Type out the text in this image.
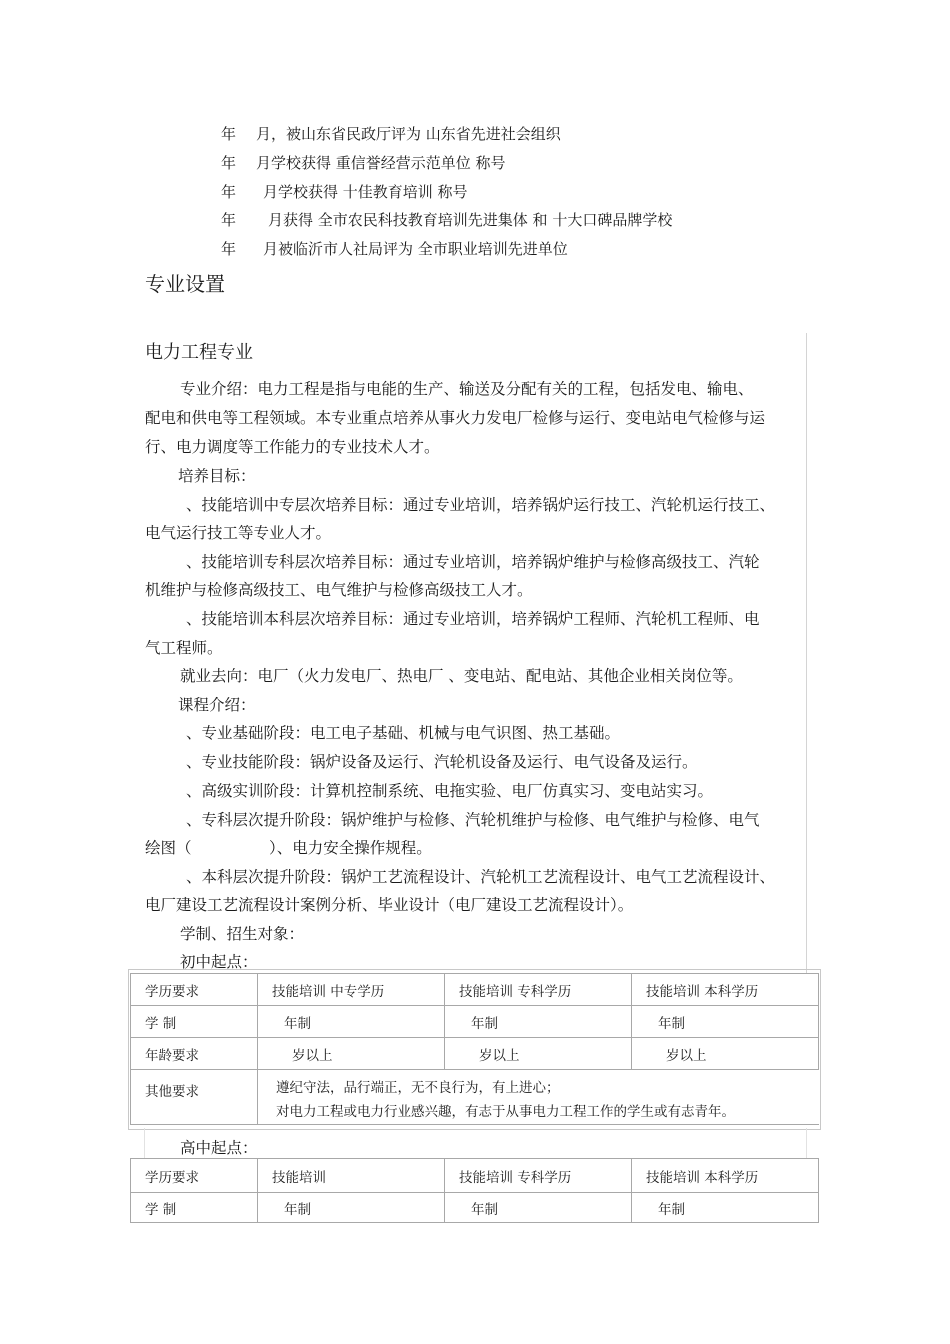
年 月，被山东省民政厅评为 山东省先进社会组织
年 月学校获得 重信誉经营示范单位 称号
年 月学校获得 十佳教育培训 称号
年 月获得 全市农民科技教育培训先进集体 和 十大口碑品牌学校
年 月被临沂市人社局评为 全市职业培训先进单位
专业设置
电力工程专业
专业介绍：电力工程是指与电能的生产、输送及分配有关的工程，包括发电、输电、
配电和供电等工程领域。本专业重点培养从事火力发电厂检修与运行、变电站电气检修与运
行、电力调度等工作能力的专业技术人才。
培养目标：
、技能培训中专层次培养目标：通过专业培训，培养锅炉运行技工、汽轮机运行技工、
电气运行技工等专业人才。
、技能培训专科层次培养目标：通过专业培训，培养锅炉维护与检修高级技工、汽轮
机维护与检修高级技工、电气维护与检修高级技工人才。
、技能培训本科层次培养目标：通过专业培训，培养锅炉工程师、汽轮机工程师、电
气工程师。
就业去向：电厂（火力发电厂、热电厂 、变电站、配电站、其他企业相关岗位等。
课程介绍：
、专业基础阶段：电工电子基础、机械与电气识图、热工基础。
、专业技能阶段：锅炉设备及运行、汽轮机设备及运行、电气设备及运行。
、高级实训阶段：计算机控制系统、电拖实验、电厂仿真实习、变电站实习。
、专科层次提升阶段：锅炉维护与检修、汽轮机维护与检修、电气维护与检修、电气
绘图（　　　　　）、电力安全操作规程。
、本科层次提升阶段：锅炉工艺流程设计、汽轮机工艺流程设计、电气工艺流程设计、
电厂建设工艺流程设计案例分析、毕业设计（电厂建设工艺流程设计）。
学制、招生对象：
初中起点：
学历要求	技能培训 中专学历	技能培训 专科学历	技能培训 本科学历
学 制	年制	年制	年制
年龄要求	岁以上	岁以上	岁以上
其他要求	遵纪守法，品行端正，无不良行为，有上进心；
对电力工程或电力行业感兴趣，有志于从事电力工程工作的学生或有志青年。		
高中起点：
学历要求	技能培训	技能培训 专科学历	技能培训 本科学历
学 制	年制	年制	年制
